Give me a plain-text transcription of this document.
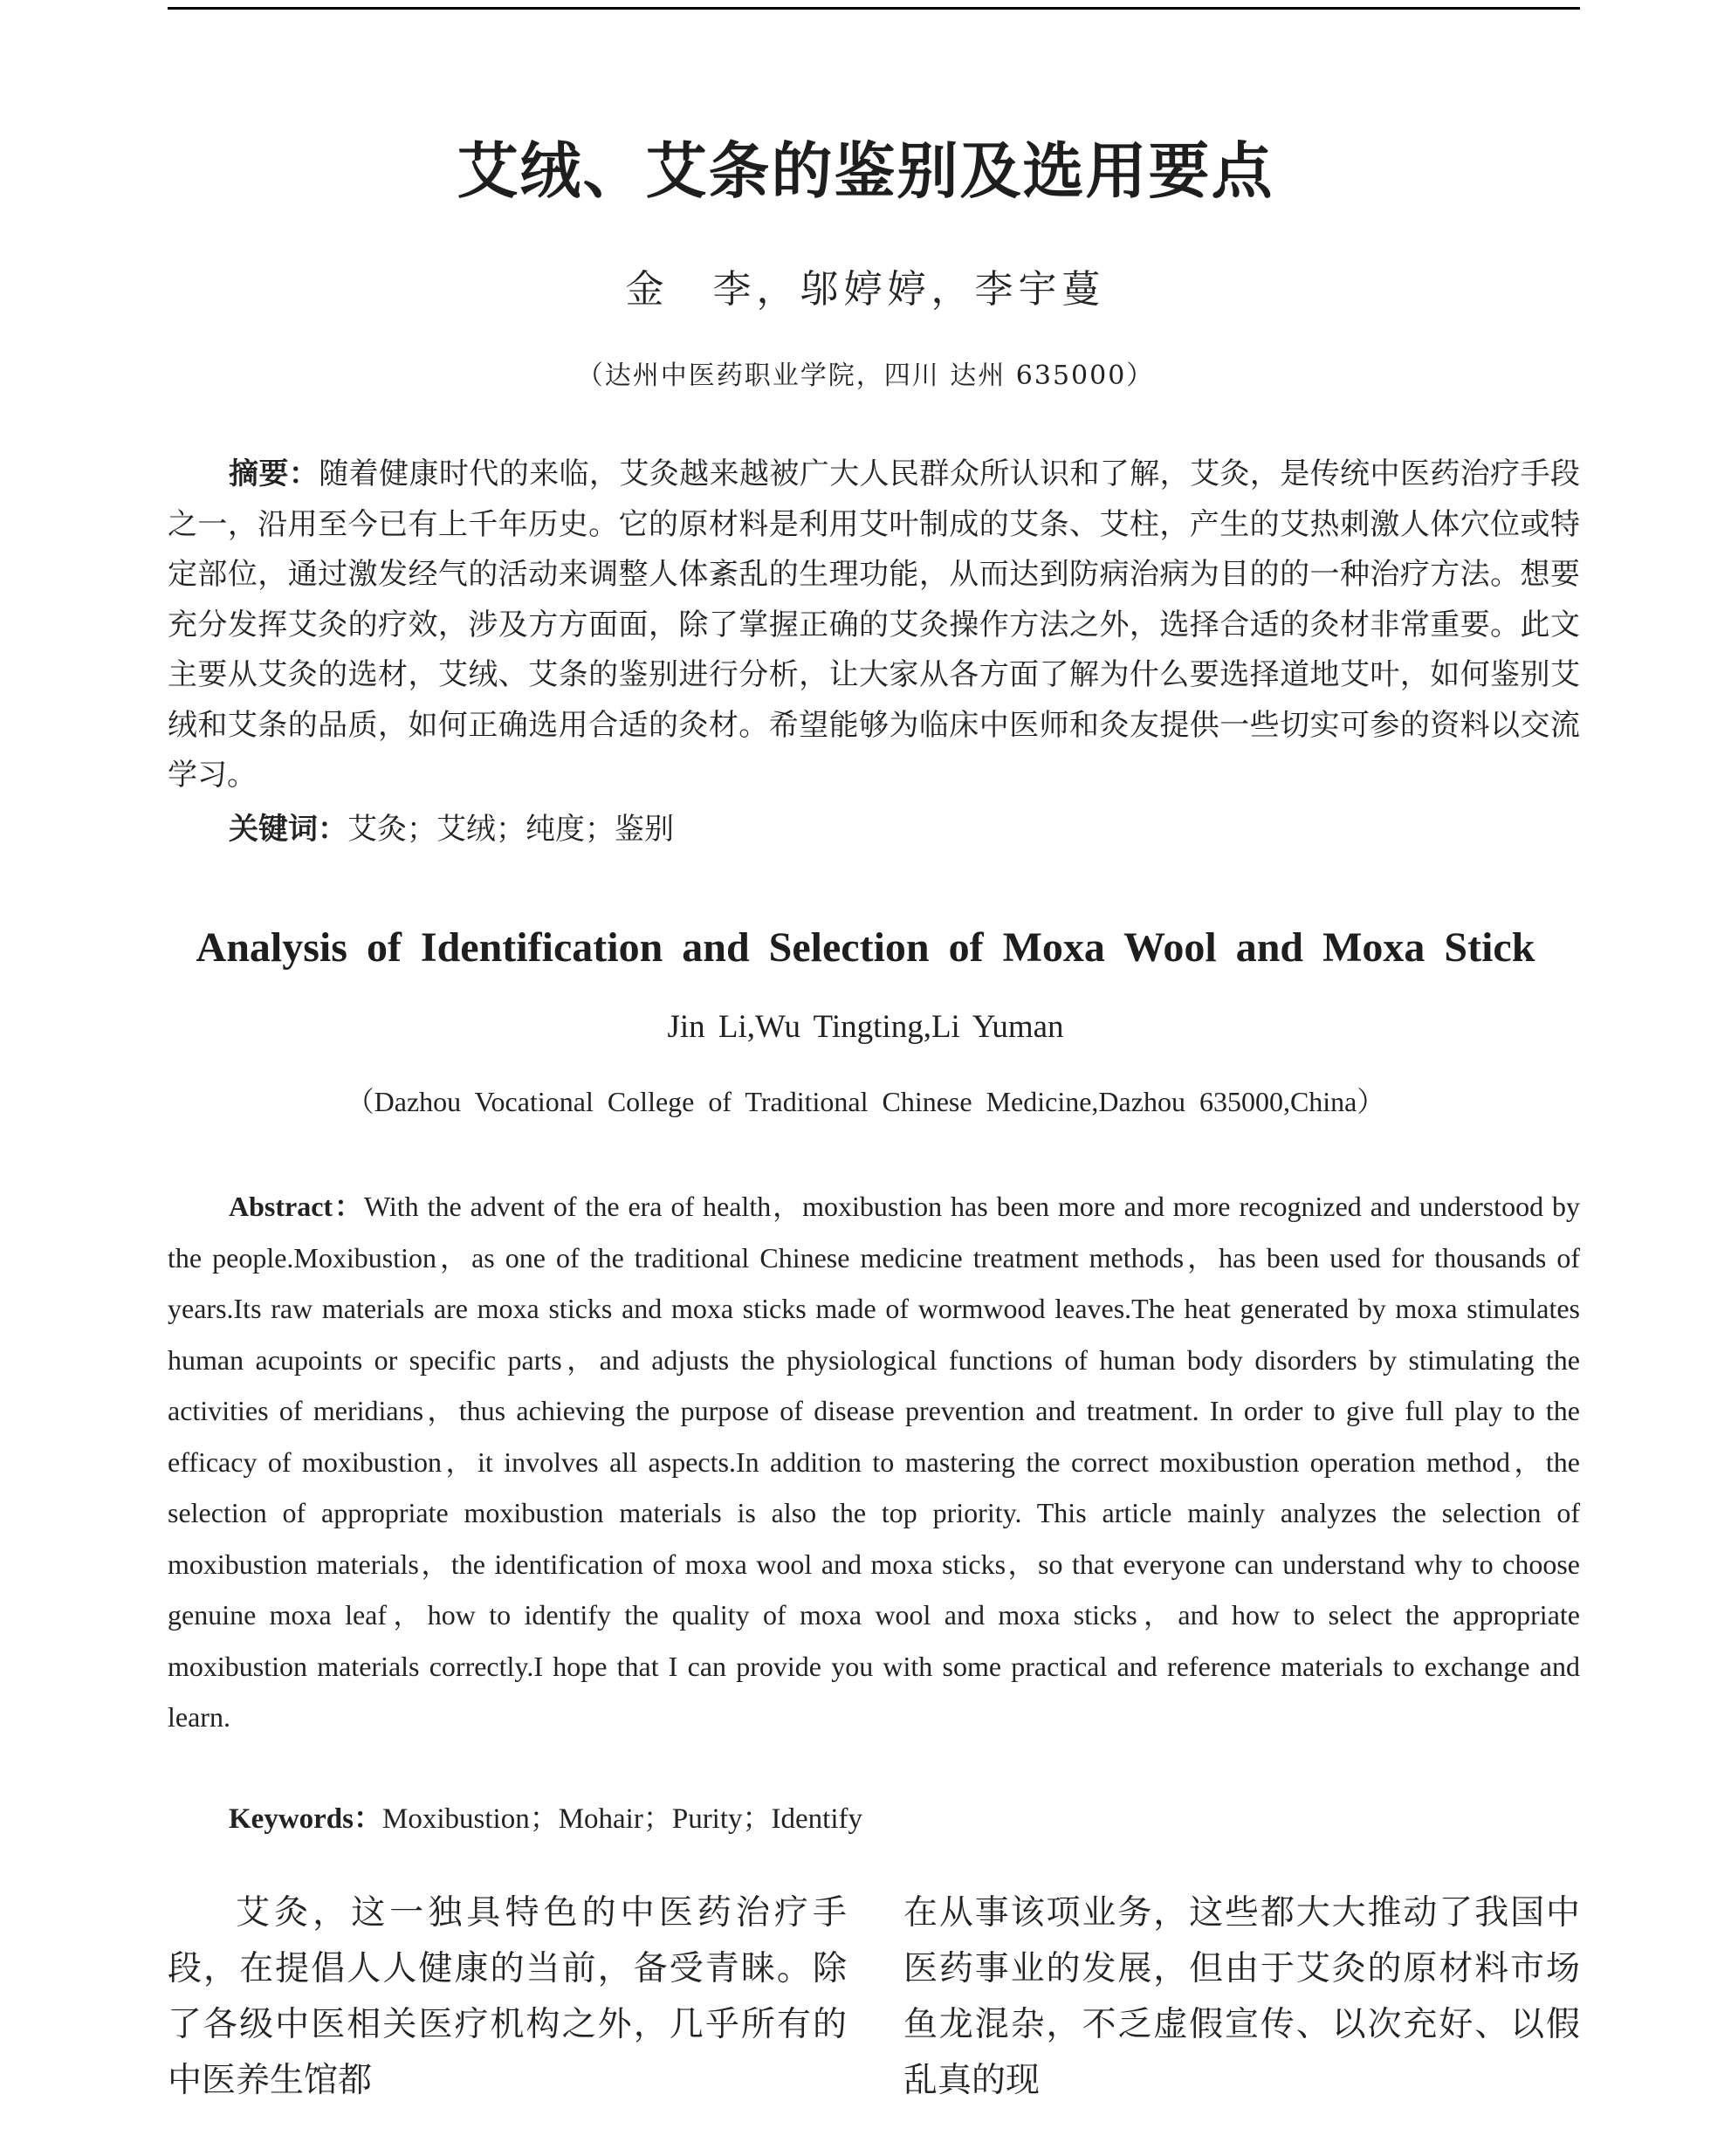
艾绒、艾条的鉴别及选用要点
金　李，邬婷婷，李宇蔓
（达州中医药职业学院，四川 达州 635000）

摘要：随着健康时代的来临，艾灸越来越被广大人民群众所认识和了解，艾灸，是传统中医药治疗手段之一，沿用至今已有上千年历史。它的原材料是利用艾叶制成的艾条、艾柱，产生的艾热刺激人体穴位或特定部位，通过激发经气的活动来调整人体紊乱的生理功能，从而达到防病治病为目的的一种治疗方法。想要充分发挥艾灸的疗效，涉及方方面面，除了掌握正确的艾灸操作方法之外，选择合适的灸材非常重要。此文主要从艾灸的选材，艾绒、艾条的鉴别进行分析，让大家从各方面了解为什么要选择道地艾叶，如何鉴别艾绒和艾条的品质，如何正确选用合适的灸材。希望能够为临床中医师和灸友提供一些切实可参的资料以交流学习。

关键词：艾灸；艾绒；纯度；鉴别
Analysis of Identification and Selection of Moxa Wool and Moxa Stick
Jin Li,Wu Tingting,Li Yuman
（Dazhou Vocational College of Traditional Chinese Medicine,Dazhou 635000,China）

Abstract：With the advent of the era of health，moxibustion has been more and more recognized and understood by the people.Moxibustion，as one of the traditional Chinese medicine treatment methods，has been used for thousands of years.Its raw materials are moxa sticks and moxa sticks made of wormwood leaves.The heat generated by moxa stimulates human acupoints or specific parts，and adjusts the physiological functions of human body disorders by stimulating the activities of meridians，thus achieving the purpose of disease prevention and treatment. In order to give full play to the efficacy of moxibustion，it involves all aspects.In addition to mastering the correct moxibustion operation method，the selection of appropriate moxibustion materials is also the top priority. This article mainly analyzes the selection of moxibustion materials，the identification of moxa wool and moxa sticks，so that everyone can understand why to choose genuine moxa leaf，how to identify the quality of moxa wool and moxa sticks，and how to select the appropriate moxibustion materials correctly.I hope that I can provide you with some practical and reference materials to exchange and learn.

Keywords：Moxibustion；Mohair；Purity；Identify

艾灸，这一独具特色的中医药治疗手段，在提倡人人健康的当前，备受青睐。除了各级中医相关医疗机构之外，几乎所有的中医养生馆都

在从事该项业务，这些都大大推动了我国中医药事业的发展，但由于艾灸的原材料市场鱼龙混杂，不乏虚假宣传、以次充好、以假乱真的现
